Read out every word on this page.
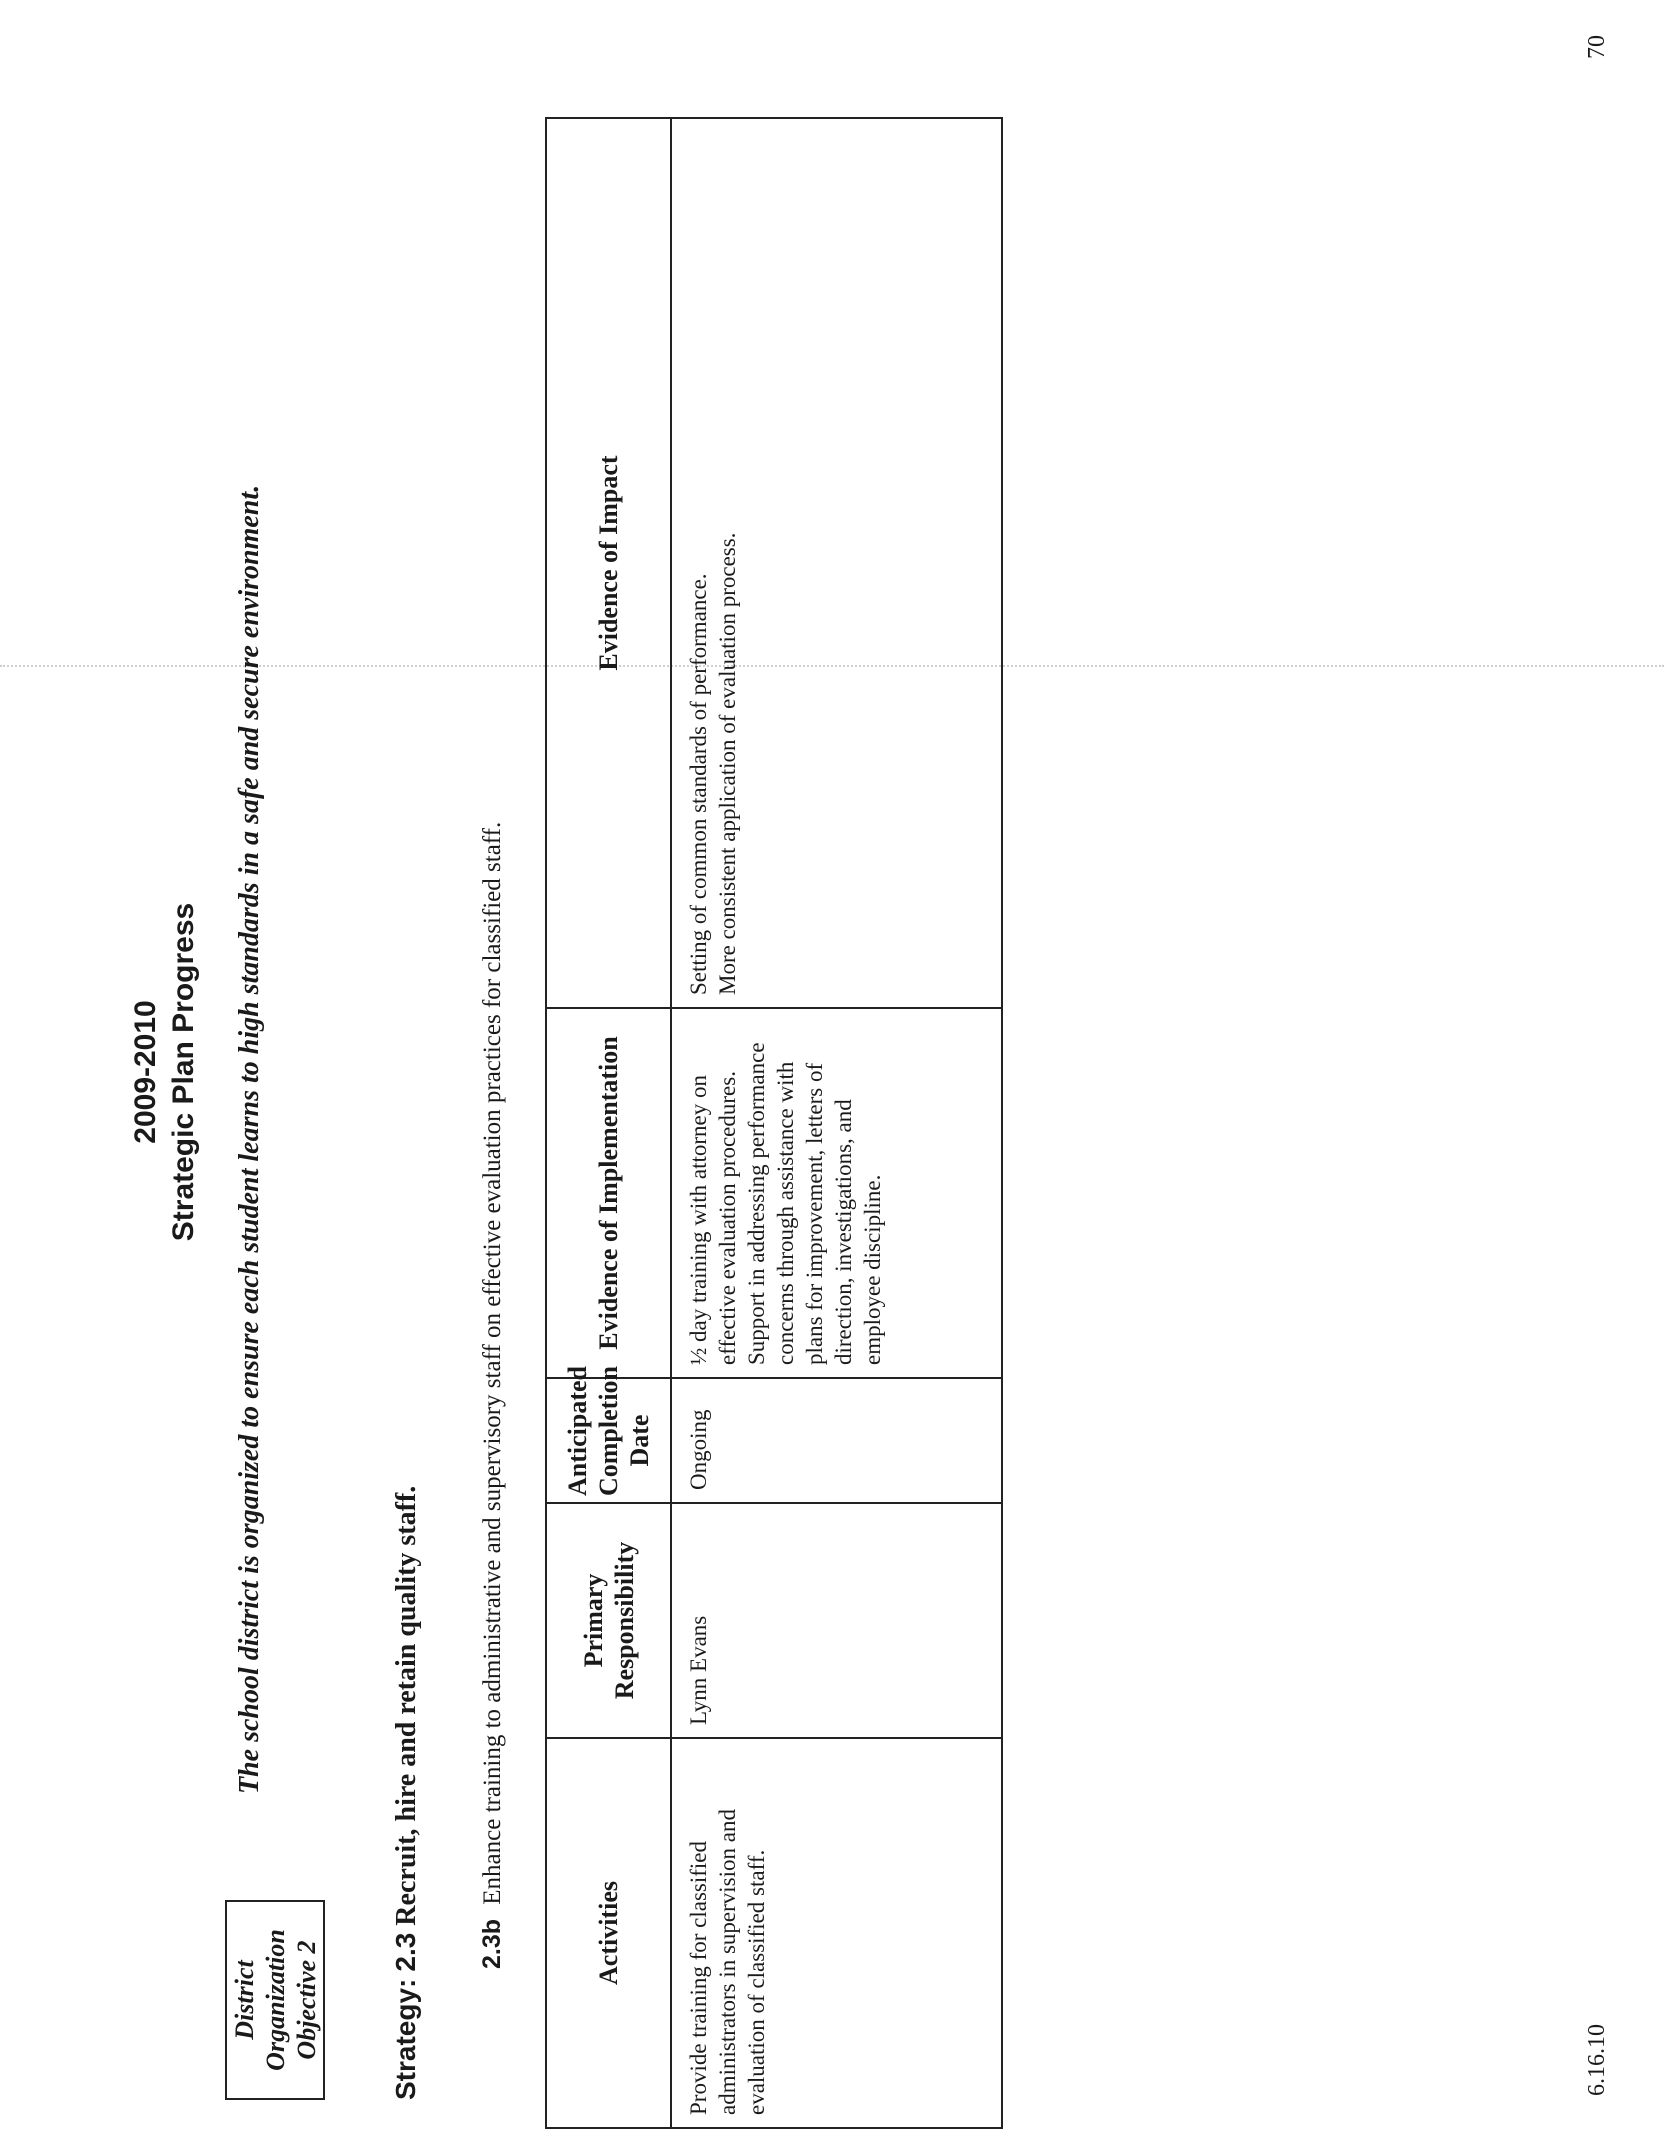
2009-2010 Strategic Plan Progress
District Organization Objective 2
The school district is organized to ensure each student learns to high standards in a safe and secure environment.
Strategy: 2.3 Recruit, hire and retain quality staff.
2.3b Enhance training to administrative and supervisory staff on effective evaluation practices for classified staff.
Activities	Primary Responsibility	Anticipated Completion Date	Evidence of Implementation	Evidence of Impact
Provide training for classified administrators in supervision and evaluation of classified staff.	Lynn Evans	Ongoing	½ day training with attorney on effective evaluation procedures. Support in addressing performance concerns through assistance with plans for improvement, letters of direction, investigations, and employee discipline.	Setting of common standards of performance. More consistent application of evaluation process.
6.16.10
70
